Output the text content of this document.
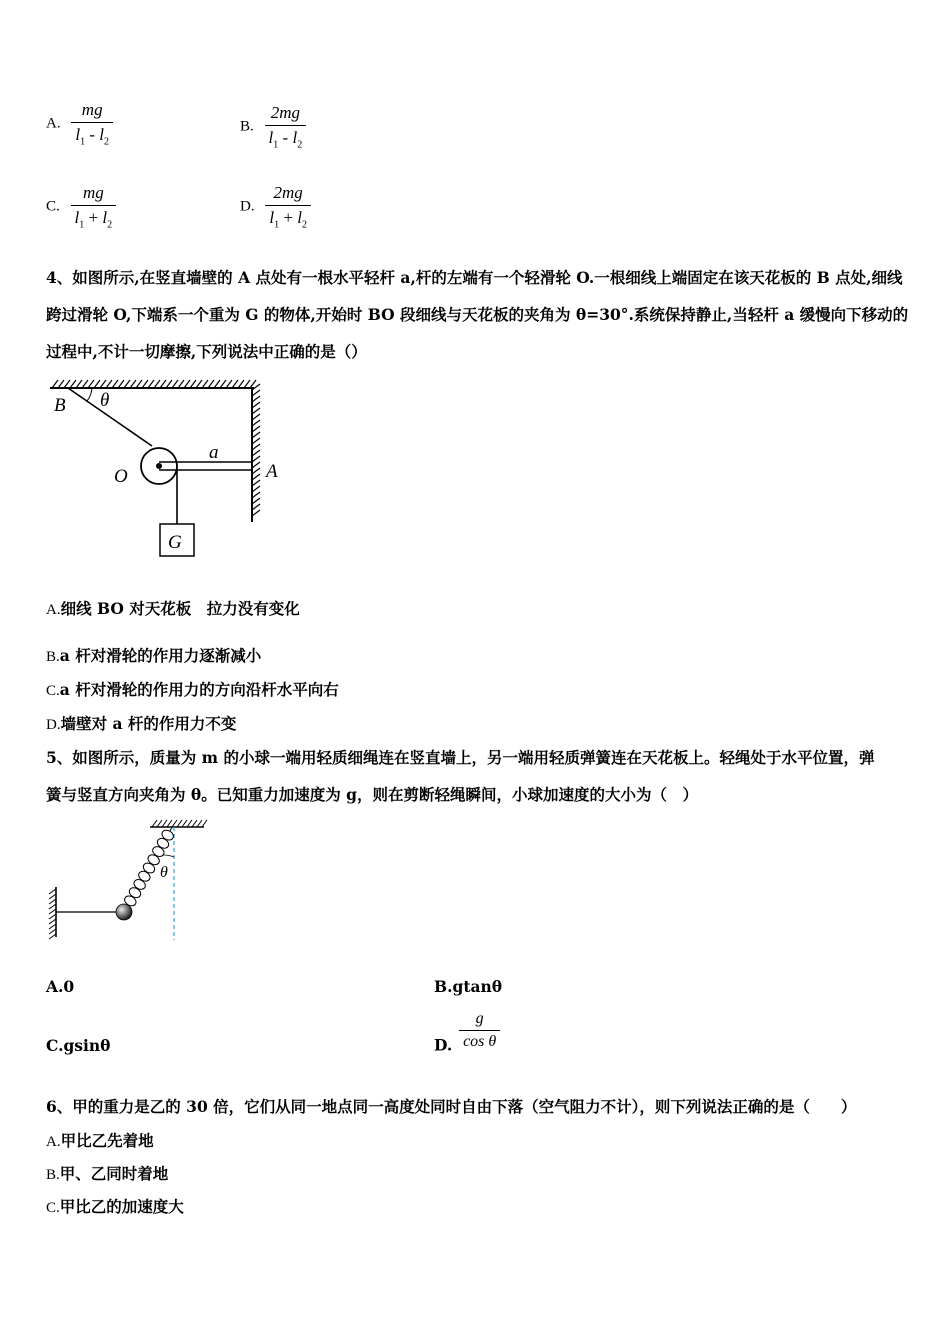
A. $\frac{mg}{l_1 - l_2}$	B. $\frac{2mg}{l_1 - l_2}$
C. $\frac{mg}{l_1 + l_2}$	D. $\frac{2mg}{l_1 + l_2}$
4、如图所示,在竖直墙壁的 A 点处有一根水平轻杆 a,杆的左端有一个轻滑轮 O.一根细线上端固定在该天花板的 B 点处,细线跨过滑轮 O,下端系一个重为 G 的物体,开始时 BO 段细线与天花板的夹角为 θ=30°.系统保持静止,当轻杆 a 缓慢向下移动的过程中,不计一切摩擦,下列说法中正确的是（）
B θ
O
a
A
G
A.细线 BO 对天花板　拉力没有变化
B.a 杆对滑轮的作用力逐渐减小
C.a 杆对滑轮的作用力的方向沿杆水平向右
D.墙壁对 a 杆的作用力不变
5、如图所示，质量为 m 的小球一端用轻质细绳连在竖直墙上，另一端用轻质弹簧连在天花板上。轻绳处于水平位置，弹
簧与竖直方向夹角为 θ。已知重力加速度为 g，则在剪断轻绳瞬间，小球加速度的大小为（　）
θ
A.0	B.gtanθ
C.gsinθ	D. $\frac{g}{\text{cos θ}}$
6、甲的重力是乙的 30 倍，它们从同一地点同一高度处同时自由下落（空气阻力不计），则下列说法正确的是（　　）
A.甲比乙先着地
B.甲、乙同时着地
C.甲比乙的加速度大
